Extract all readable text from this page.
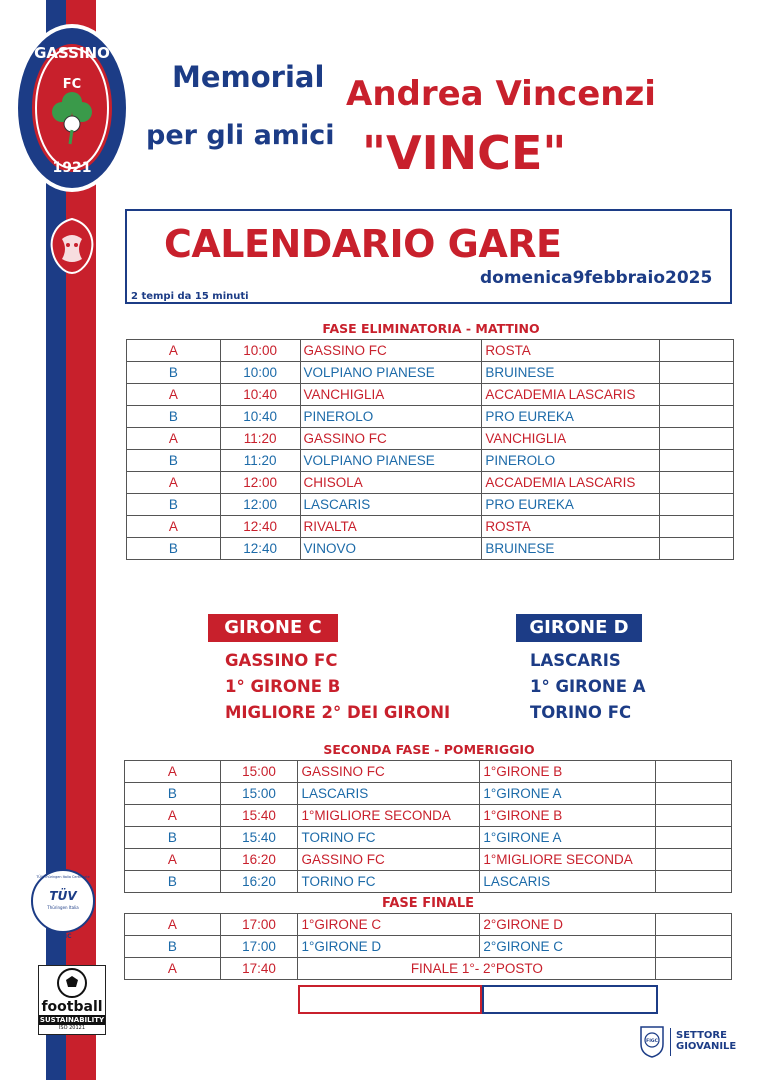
GASSINO
FC
1921
Memorial Andrea Vincenzi
per gli amici "VINCE"
CALENDARIO GARE
domenica9febbraio2025
2 tempi da 15 minuti
FASE ELIMINATORIA - MATTINO
A	10:00	GASSINO FC	ROSTA	
B	10:00	VOLPIANO PIANESE	BRUINESE	
A	10:40	VANCHIGLIA	ACCADEMIA LASCARIS	
B	10:40	PINEROLO	PRO EUREKA	
A	11:20	GASSINO FC	VANCHIGLIA	
B	11:20	VOLPIANO PIANESE	PINEROLO	
A	12:00	CHISOLA	ACCADEMIA LASCARIS	
B	12:00	LASCARIS	PRO EUREKA	
A	12:40	RIVALTA	ROSTA	
B	12:40	VINOVO	BRUINESE	
GIRONE C	GIRONE D
GASSINO FC
1° GIRONE B
MIGLIORE 2° DEI GIRONI
LASCARIS
1° GIRONE A
TORINO FC
SECONDA FASE - POMERIGGIO
A	15:00	GASSINO FC	1°GIRONE B	
B	15:00	LASCARIS	1°GIRONE A	
A	15:40	1°MIGLIORE SECONDA	1°GIRONE B	
B	15:40	TORINO FC	1°GIRONE A	
A	16:20	GASSINO FC	1°MIGLIORE SECONDA	
B	16:20	TORINO FC	LASCARIS	
FASE FINALE				
A	17:00	1°GIRONE C	2°GIRONE D	
B	17:00	1°GIRONE D	2°GIRONE C	
A	17:40	FINALE 1°- 2°POSTO		
TÜV
Thüringen Italia
TÜV Thüringen Italia Certificate
FTIIC
football
SUSTAINABILITY
ISO 20121
FIGC
SETTORE
GIOVANILE
